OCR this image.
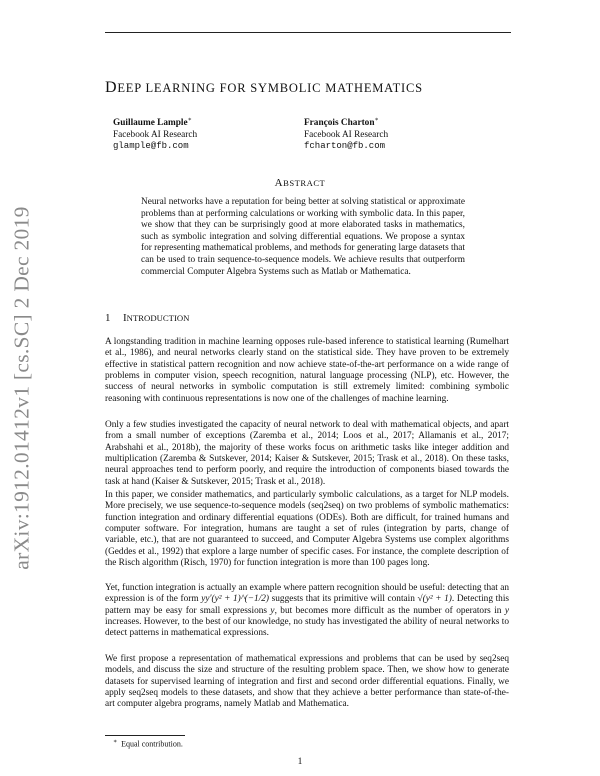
arXiv:1912.01412v1 [cs.SC] 2 Dec 2019
DEEP LEARNING FOR SYMBOLIC MATHEMATICS
Guillaume Lample∗
Facebook AI Research
glample@fb.com
François Charton∗
Facebook AI Research
fcharton@fb.com
ABSTRACT
Neural networks have a reputation for being better at solving statistical or approximate problems than at performing calculations or working with symbolic data. In this paper, we show that they can be surprisingly good at more elaborated tasks in mathematics, such as symbolic integration and solving differential equations. We propose a syntax for representing mathematical problems, and methods for generating large datasets that can be used to train sequence-to-sequence models. We achieve results that outperform commercial Computer Algebra Systems such as Matlab or Mathematica.
1 INTRODUCTION

A longstanding tradition in machine learning opposes rule-based inference to statistical learning (Rumelhart et al., 1986), and neural networks clearly stand on the statistical side. They have proven to be extremely effective in statistical pattern recognition and now achieve state-of-the-art performance on a wide range of problems in computer vision, speech recognition, natural language processing (NLP), etc. However, the success of neural networks in symbolic computation is still extremely limited: combining symbolic reasoning with continuous representations is now one of the challenges of machine learning.

Only a few studies investigated the capacity of neural network to deal with mathematical objects, and apart from a small number of exceptions (Zaremba et al., 2014; Loos et al., 2017; Allamanis et al., 2017; Arabshahi et al., 2018b), the majority of these works focus on arithmetic tasks like integer addition and multiplication (Zaremba & Sutskever, 2014; Kaiser & Sutskever, 2015; Trask et al., 2018). On these tasks, neural approaches tend to perform poorly, and require the introduction of components biased towards the task at hand (Kaiser & Sutskever, 2015; Trask et al., 2018).

In this paper, we consider mathematics, and particularly symbolic calculations, as a target for NLP models. More precisely, we use sequence-to-sequence models (seq2seq) on two problems of symbolic mathematics: function integration and ordinary differential equations (ODEs). Both are difficult, for trained humans and computer software. For integration, humans are taught a set of rules (integration by parts, change of variable, etc.), that are not guaranteed to succeed, and Computer Algebra Systems use complex algorithms (Geddes et al., 1992) that explore a large number of specific cases. For instance, the complete description of the Risch algorithm (Risch, 1970) for function integration is more than 100 pages long.

Yet, function integration is actually an example where pattern recognition should be useful: detecting that an expression is of the form yy′(y² + 1)^(−1/2) suggests that its primitive will contain √(y² + 1). Detecting this pattern may be easy for small expressions y, but becomes more difficult as the number of operators in y increases. However, to the best of our knowledge, no study has investigated the ability of neural networks to detect patterns in mathematical expressions.

We first propose a representation of mathematical expressions and problems that can be used by seq2seq models, and discuss the size and structure of the resulting problem space. Then, we show how to generate datasets for supervised learning of integration and first and second order differential equations. Finally, we apply seq2seq models to these datasets, and show that they achieve a better performance than state-of-the-art computer algebra programs, namely Matlab and Mathematica.

∗ Equal contribution.
1
